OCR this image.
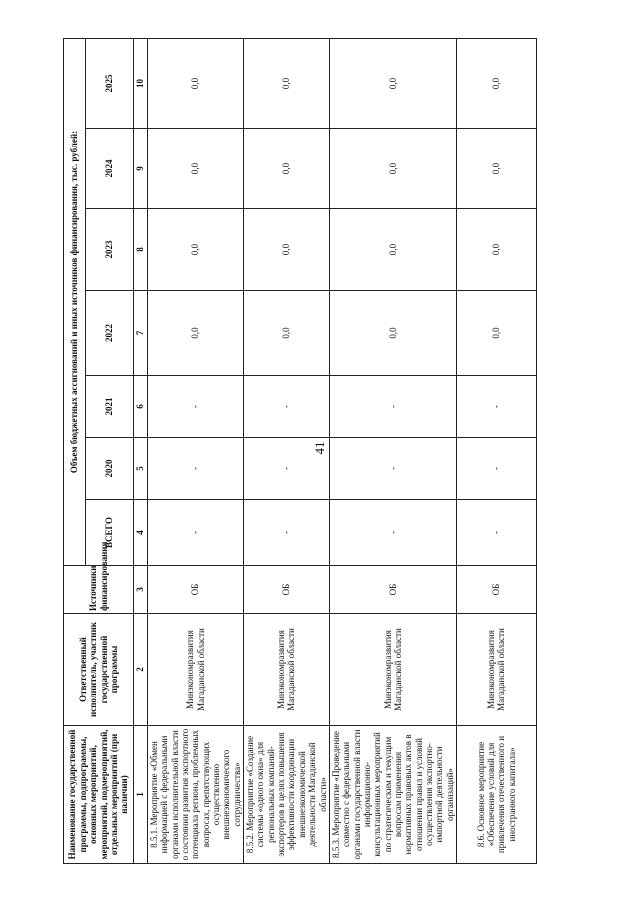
41
Наименование государственной программы, подпрограммы, основных мероприятий, мероприятий, подмероприятий, отдельных мероприятий (при наличии)	Ответственный исполнитель, участник государственной программы	Источники финансирования	Объем бюджетных ассигнований и иных источников финансирования, тыс. рублей:						
			ВСЕГО	2020	2021	2022	2023	2024	2025
1	2	3	4	5	6	7	8	9	10
8.5.1. Мероприятие «Обмен информацией с федеральными органами исполнительной власти о состоянии развития экспортного потенциала региона, проблемных вопросах, препятствующих осуществлению внешнеэкономического сотрудничества»	Минэкономразвития Магаданской области	ОБ	-	-	-	0,0	0,0	0,0	0,0
8.5.2. Мероприятие «Создание системы «одного окна» для региональных компаний-экспортеров в целях повышения эффективности координации внешнеэкономической деятельности Магаданской области»	Минэкономразвития Магаданской области	ОБ	-	-	-	0,0	0,0	0,0	0,0
8.5.3. Мероприятие «Проведение совместно с федеральными органами государственной власти информационно-консультационных мероприятий по стратегическим и текущим вопросам применения нормативных правовых актов в отношении правил и условий осуществления экспортно-импортной деятельности организаций»	Минэкономразвития Магаданской области	ОБ	-	-	-	0,0	0,0	0,0	0,0
8.6. Основное мероприятие «Обеспечение условий для привлечения отечественного и иностранного капитала»	Минэкономразвития Магаданской области	ОБ	-	-	-	0,0	0,0	0,0	0,0
